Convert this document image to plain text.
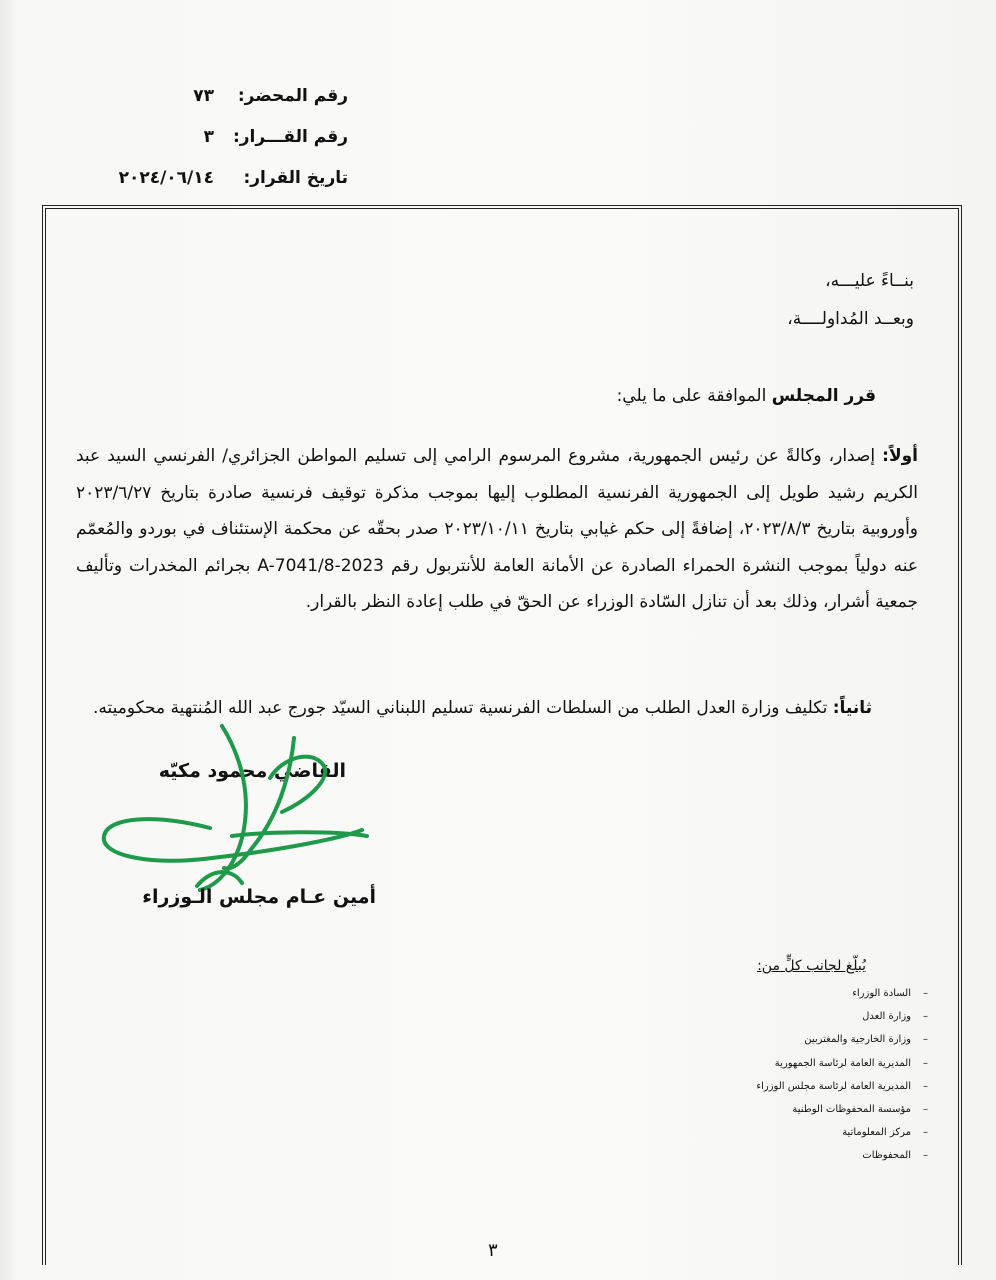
رقم المحضر:
٧٣
رقم القـــرار:
٣
تاريخ القرار:
٢٠٢٤/٠٦/١٤
بنــاءً عليـــه،
وبعــد المُداولــــة،
قرر المجلس الموافقة على ما يلي:
أولاً: إصدار، وكالةً عن رئيس الجمهورية، مشروع المرسوم الرامي إلى تسليم المواطن الجزائري/ الفرنسي السيد عبد الكريم رشيد طويل إلى الجمهورية الفرنسية المطلوب إليها بموجب مذكرة توقيف فرنسية صادرة بتاريخ ٢٠٢٣/٦/٢٧ وأوروبية بتاريخ ٢٠٢٣/٨/٣، إضافةً إلى حكم غيابي بتاريخ ٢٠٢٣/١٠/١١ صدر بحقّه عن محكمة الإستئناف في بوردو والمُعمّم عنه دولياً بموجب النشرة الحمراء الصادرة عن الأمانة العامة للأنتربول رقم A-7041/8-2023 بجرائم المخدرات وتأليف جمعية أشرار، وذلك بعد أن تنازل السّادة الوزراء عن الحقّ في طلب إعادة النظر بالقرار.
ثانياً: تكليف وزارة العدل الطلب من السلطات الفرنسية تسليم اللبناني السيّد جورج عبد الله المُنتهية محكوميته.
القاضي محمود مكيّه
أمين عـام مجلس الـوزراء
يُبلّغ لجانب كلٍّ من:
–السادة الوزراء
–وزارة العدل
–وزارة الخارجية والمغتربين
–المديرية العامة لرئاسة الجمهورية
–المديرية العامة لرئاسة مجلس الوزراء
–مؤسسة المحفوظات الوطنية
–مركز المعلوماتية
–المحفوظات
٣
